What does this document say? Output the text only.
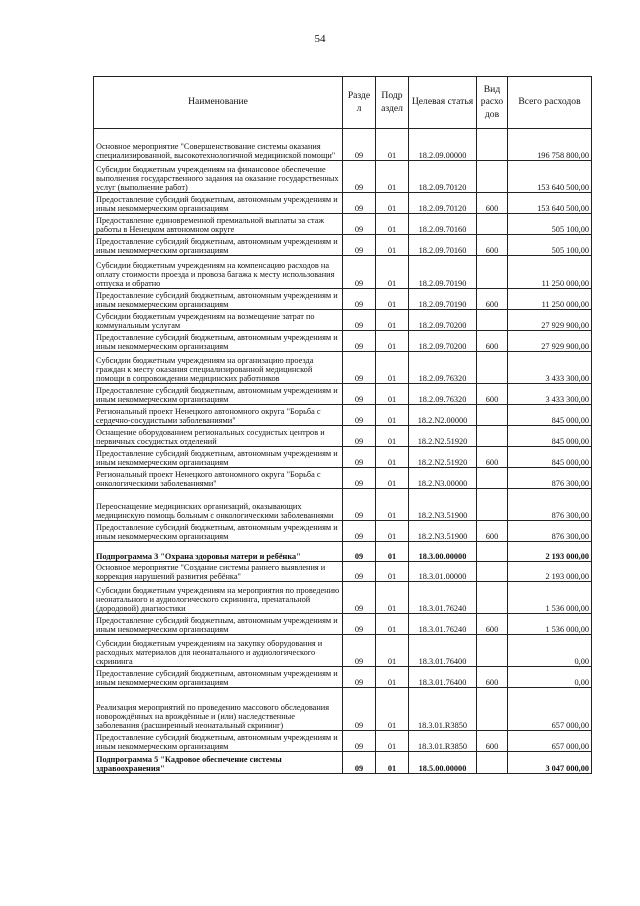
54
Наименование	Разде л	Подр аздел	Целевая статья	Вид расхо дов	Всего расходов
Основное мероприятие "Совершенствование системы оказания специализированной, высокотехнологичной медицинской помощи"	09	01	18.2.09.00000		196 758 800,00
Субсидии бюджетным учреждениям на финансовое обеспечение выполнения государственного задания на оказание государственных услуг (выполнение работ)	09	01	18.2.09.70120		153 640 500,00
Предоставление субсидий бюджетным, автономным учреждениям и иным некоммерческим организациям	09	01	18.2.09.70120	600	153 640 500,00
Предоставление единовременной премиальной выплаты за стаж работы в Ненецком автономном округе	09	01	18.2.09.70160		505 100,00
Предоставление субсидий бюджетным, автономным учреждениям и иным некоммерческим организациям	09	01	18.2.09.70160	600	505 100,00
Субсидии бюджетным учреждениям на компенсацию расходов на оплату стоимости проезда и провоза багажа к месту использования отпуска и обратно	09	01	18.2.09.70190		11 250 000,00
Предоставление субсидий бюджетным, автономным учреждениям и иным некоммерческим организациям	09	01	18.2.09.70190	600	11 250 000,00
Субсидии бюджетным учреждениям на возмещение затрат по коммунальным услугам	09	01	18.2.09.70200		27 929 900,00
Предоставление субсидий бюджетным, автономным учреждениям и иным некоммерческим организациям	09	01	18.2.09.70200	600	27 929 900,00
Субсидии бюджетным учреждениям на организацию проезда граждан к месту оказания специализированной медицинской помощи в сопровождении медицинских работников	09	01	18.2.09.76320		3 433 300,00
Предоставление субсидий бюджетным, автономным учреждениям и иным некоммерческим организациям	09	01	18.2.09.76320	600	3 433 300,00
Региональный проект Ненецкого автономного округа "Борьба с сердечно-сосудистыми заболеваниями"	09	01	18.2.N2.00000		845 000,00
Оснащение оборудованием региональных сосудистых центров и первичных сосудистых отделений	09	01	18.2.N2.51920		845 000,00
Предоставление субсидий бюджетным, автономным учреждениям и иным некоммерческим организациям	09	01	18.2.N2.51920	600	845 000,00
Региональный проект Ненецкого автономного округа "Борьба с онкологическими заболеваниями"	09	01	18.2.N3.00000		876 300,00
Переоснащение медицинских организаций, оказывающих медицинскую помощь больным с онкологическими заболеваниями	09	01	18.2.N3.51900		876 300,00
Предоставление субсидий бюджетным, автономным учреждениям и иным некоммерческим организациям	09	01	18.2.N3.51900	600	876 300,00
Подпрограмма 3 "Охрана здоровья матери и ребёнка"	09	01	18.3.00.00000		2 193 000,00
Основное мероприятие "Создание системы раннего выявления и коррекция нарушений развития ребёнка"	09	01	18.3.01.00000		2 193 000,00
Субсидии бюджетным учреждениям на мероприятия по проведению неонатального и аудиологического скрининга, пренатальной (дородовой) диагностики	09	01	18.3.01.76240		1 536 000,00
Предоставление субсидий бюджетным, автономным учреждениям и иным некоммерческим организациям	09	01	18.3.01.76240	600	1 536 000,00
Субсидии бюджетным учреждениям на закупку оборудования и расходных материалов для неонатального и аудиологического скрининга	09	01	18.3.01.76400		0,00
Предоставление субсидий бюджетным, автономным учреждениям и иным некоммерческим организациям	09	01	18.3.01.76400	600	0,00
Реализация мероприятий по проведению массового обследования новорождённых на врождённые и (или) наследственные заболевания (расширенный неонатальный скрининг)	09	01	18.3.01.R3850		657 000,00
Предоставление субсидий бюджетным, автономным учреждениям и иным некоммерческим организациям	09	01	18.3.01.R3850	600	657 000,00
Подпрограмма 5 "Кадровое обеспечение системы здравоохранения"	09	01	18.5.00.00000		3 047 000,00
